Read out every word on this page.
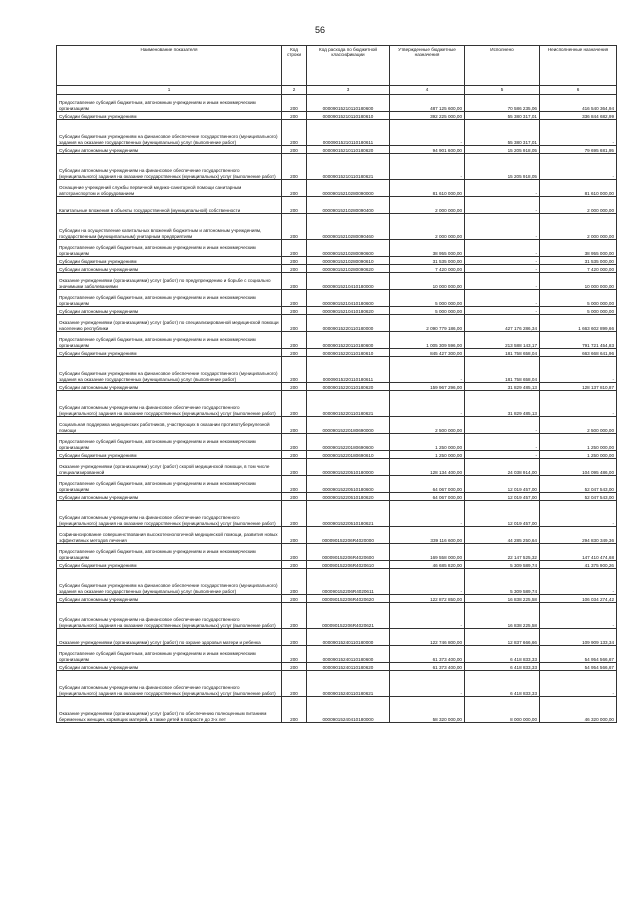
56
Наименование показателя	Код строки	Код расхода по бюджетной классификации	Утвержденные бюджетные назначения	Исполнено	Неисполненные назначения
1	2	3	4	5	6
Предоставление субсидий бюджетным, автономным учреждениям и иным некоммерческим организациям	200	00009015210110180600	487 125 600,00	70 586 235,06	416 540 364,94
Субсидии бюджетным учреждениям	200	00009015210110180610	392 225 000,00	55 380 317,01	336 844 682,99
Субсидии бюджетным учреждениям на финансовое обеспечение государственного (муниципального) задания на оказание государственных (муниципальных) услуг (выполнение работ)	200	00009015210110180611	-	55 380 317,01	-
Субсидии автономным учреждениям	200	00009015210110180620	94 901 600,00	15 205 918,05	79 695 681,95
Субсидии автономным учреждениям на финансовое обеспечение государственного (муниципального) задания на оказание государственных (муниципальных) услуг (выполнение работ)	200	00009015210110180621	-	15 205 918,05	-
Оснащение учреждений службы первичной медико-санитарной помощи санитарным автотранспортом и оборудованием	200	00009015210280090000	81 610 000,00	-	81 610 000,00
Капитальные вложения в объекты государственной (муниципальной) собственности	200	00009015210280090400	2 000 000,00	-	2 000 000,00
Субсидии на осуществление капитальных вложений бюджетным и автономным учреждениям, государственным (муниципальным) унитарным предприятиям	200	00009015210280090460	2 000 000,00	-	2 000 000,00
Предоставление субсидий бюджетным, автономным учреждениям и иным некоммерческим организациям	200	00009015210280090600	38 955 000,00	-	38 955 000,00
Субсидии бюджетным учреждениям	200	00009015210280090610	31 535 000,00	-	31 535 000,00
Субсидии автономным учреждениям	200	00009015210280090620	7 420 000,00	-	7 420 000,00
Оказание учреждениями (организациями) услуг (работ) по предупреждению и борьбе с социально значимыми заболеваниями	200	00009015210410180000	10 000 000,00	-	10 000 000,00
Предоставление субсидий бюджетным, автономным учреждениям и иным некоммерческим организациям	200	00009015210410180600	5 000 000,00	-	5 000 000,00
Субсидии автономным учреждениям	200	00009015210410180620	5 000 000,00	-	5 000 000,00
Оказание учреждениями (организациями) услуг (работ) по специализированной медицинской помощи населению республики	200	00009015220110180000	2 090 779 186,00	427 176 286,34	1 663 602 899,66
Предоставление субсидий бюджетным, автономным учреждениям и иным некоммерческим организациям	200	00009015220110180600	1 005 309 596,00	213 588 143,17	791 721 454,83
Субсидии бюджетным учреждениям	200	00009015220110180610	845 427 300,00	181 758 658,04	663 668 641,96
Субсидии бюджетным учреждениям на финансовое обеспечение государственного (муниципального) задания на оказание государственных (муниципальных) услуг (выполнение работ)	200	00009015220110180611	-	181 758 658,04	-
Субсидии автономным учреждениям	200	00009015220110180620	159 967 296,00	31 829 485,13	128 137 810,87
Субсидии автономным учреждениям на финансовое обеспечение государственного (муниципального) задания на оказание государственных (муниципальных) услуг (выполнение работ)	200	00009015220110180621	-	31 829 485,13	-
Социальная поддержка медицинских работников, участвующих в оказании противотуберкулезной помощи	200	00009015220180690000	2 500 000,00	-	2 500 000,00
Предоставление субсидий бюджетным, автономным учреждениям и иным некоммерческим организациям	200	00009015220180690600	1 250 000,00	-	1 250 000,00
Субсидии бюджетным учреждениям	200	00009015220180690610	1 250 000,00	-	1 250 000,00
Оказание учреждениями (организациями) услуг (работ) скорой медицинской помощи, в том числе специализированной	200	00009015220510180000	128 134 400,00	24 038 914,00	104 095 486,00
Предоставление субсидий бюджетным, автономным учреждениям и иным некоммерческим организациям	200	00009015220510180600	64 067 000,00	12 019 457,00	52 047 543,00
Субсидии автономным учреждениям	200	00009015220510180620	64 067 000,00	12 019 457,00	52 047 543,00
Субсидии автономным учреждениям на финансовое обеспечение государственного (муниципального) задания на оказание государственных (муниципальных) услуг (выполнение работ)	200	00009015220510180621	-	12 019 457,00	-
Софинансирование совершенствования высокотехнологичной медицинской помощи, развития новых эффективных методов лечения	200	000090152206R4020000	339 116 600,00	44 285 250,64	294 830 349,36
Предоставление субсидий бюджетным, автономным учреждениям и иным некоммерческим организациям	200	000090152206R4020600	169 558 000,00	22 147 525,32	147 410 474,68
Субсидии бюджетным учреждениям	200	000090152206R4020610	46 685 820,00	5 309 589,74	41 375 900,26
Субсидии бюджетным учреждениям на финансовое обеспечение государственного (муниципального) задания на оказание государственных (муниципальных) услуг (выполнение работ)	200	000090152206R4020611	-	5 309 589,74	-
Субсидии автономным учреждениям	200	000090152206R4020620	122 872 850,00	16 838 225,58	106 034 274,42
Субсидии автономным учреждениям на финансовое обеспечение государственного (муниципального) задания на оказание государственных (муниципальных) услуг (выполнение работ)	200	000090152206R4020621	-	16 838 225,58	-
Оказание учреждениями (организациями) услуг (работ) по охране здоровья матери и ребенка	200	00009015240110180000	122 746 800,00	12 837 666,66	109 909 133,34
Предоставление субсидий бюджетным, автономным учреждениям и иным некоммерческим организациям	200	00009015240110180600	61 373 400,00	6 418 833,33	54 954 566,67
Субсидии автономным учреждениям	200	00009015240110180620	61 373 400,00	6 418 833,33	54 954 566,67
Субсидии автономным учреждениям на финансовое обеспечение государственного (муниципального) задания на оказание государственных (муниципальных) услуг (выполнение работ)	200	00009015240110180621	-	6 418 833,33	-
Оказание учреждениями (организациями) услуг (работ) по обеспечению полноценным питанием беременных женщин, кормящих матерей, а также детей в возрасте до 3-х лет	200	00009015240410180000	58 320 000,00	8 000 000,00	46 320 000,00
